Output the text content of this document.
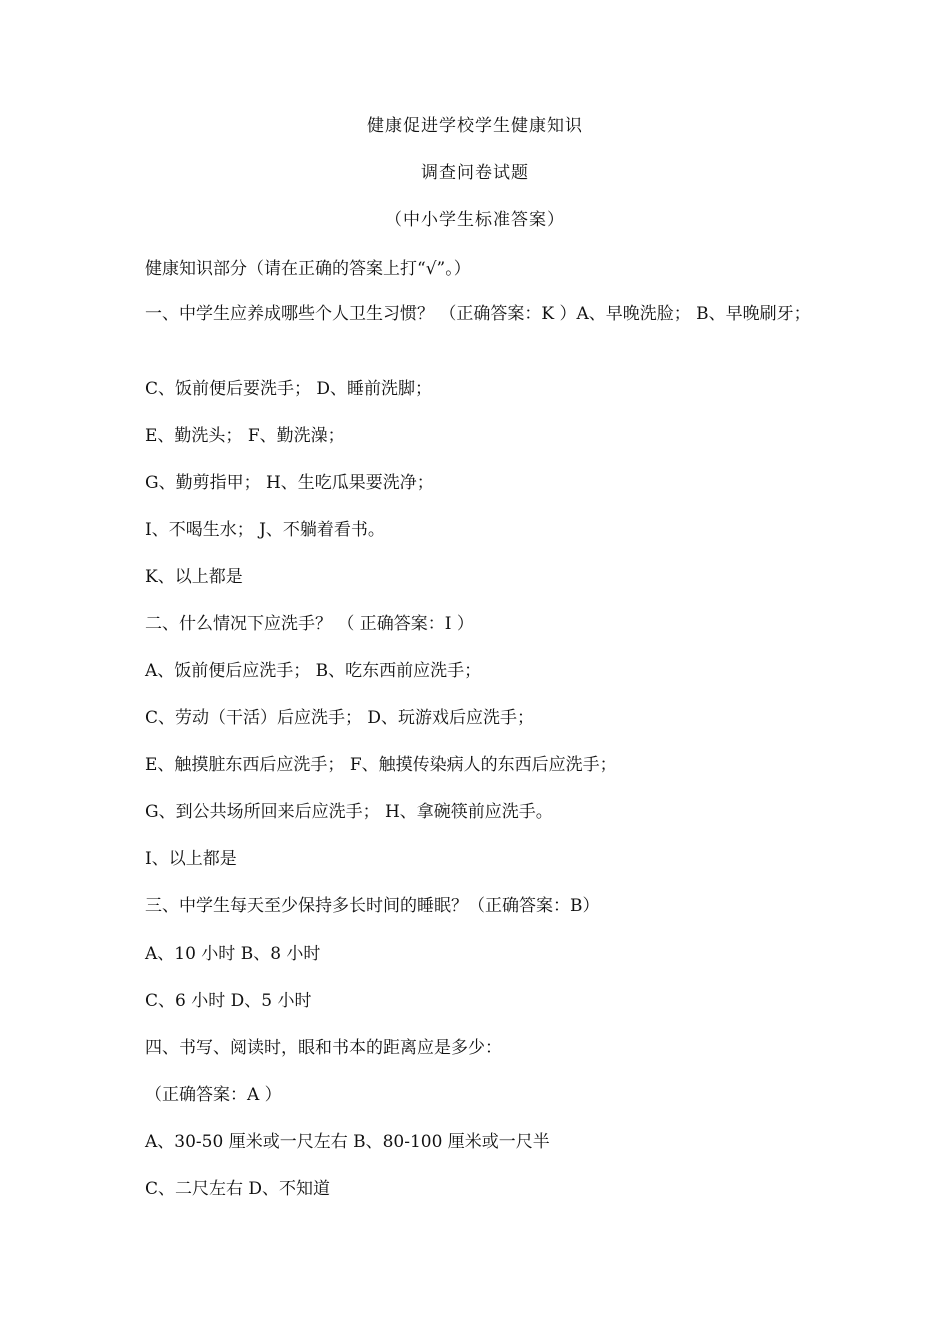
健康促进学校学生健康知识
调查问卷试题
（中小学生标准答案）
健康知识部分（请在正确的答案上打“√”。）
一、中学生应养成哪些个人卫生习惯？ （正确答案：K ）A、早晚洗脸； B、早晚刷牙；
C、饭前便后要洗手； D、睡前洗脚；
E、勤洗头； F、勤洗澡；
G、勤剪指甲； H、生吃瓜果要洗净；
I、不喝生水； J、不躺着看书。
K、以上都是
二、什么情况下应洗手？ （ 正确答案：I ）
A、饭前便后应洗手； B、吃东西前应洗手；
C、劳动（干活）后应洗手； D、玩游戏后应洗手；
E、触摸脏东西后应洗手； F、触摸传染病人的东西后应洗手；
G、到公共场所回来后应洗手； H、拿碗筷前应洗手。
I、以上都是
三、中学生每天至少保持多长时间的睡眠？（正确答案：B）
A、10 小时 B、8 小时
C、6 小时 D、5 小时
四、书写、阅读时，眼和书本的距离应是多少：
（正确答案：A ）
A、30-50 厘米或一尺左右 B、80-100 厘米或一尺半
C、二尺左右 D、不知道
